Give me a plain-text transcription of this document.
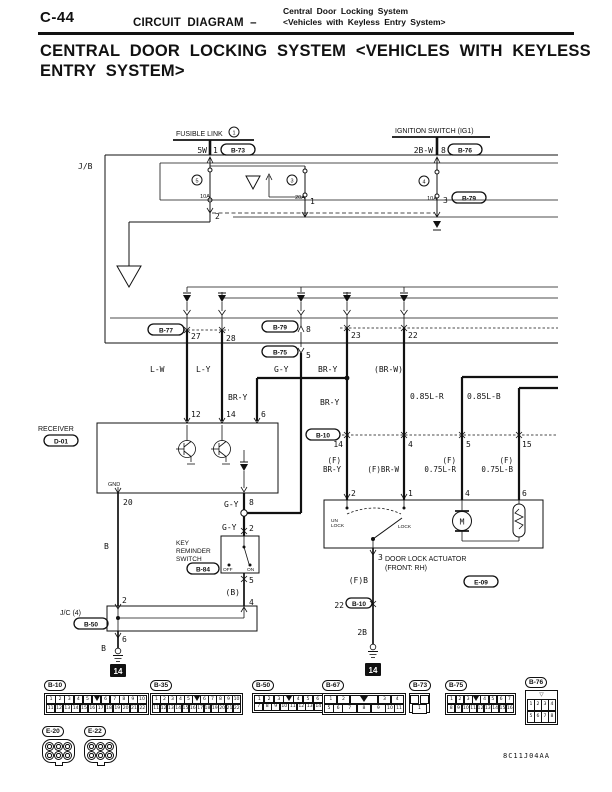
C-44	CIRCUIT DIAGRAM –
Central Door Locking System
<Vehicles with Keyless Entry System>
CENTRAL DOOR LOCKING SYSTEM <VEHICLES WITH KEYLESS
ENTRY SYSTEM>
FUSIBLE LINK 1
5W 1 B-73
IGNITION SWITCH (IG1)
2B-W 8 B-76
J/B
5
10A
2
3
20A 1
4
10A 3 B-79
B-77
27	28
B-79 8
B-75 5
23	22
L-W	L-Y	G-Y	BR-Y	(BR-W)
BR-Y
BR-Y
0.85L-R	0.85L-B
12	14	6
RECEIVER
D-01
GND
20	8
G-Y
G-Y 2
KEY
REMINDER
SWITCH
B-84	OFF	ON
5
(B)
4
B
2
J/C (4)
B-50
6
B
14
B-10
14	4	5	15
(F)
BR-Y	(F)BR-W
(F)
0.75L-R
(F)
0.75L-B
2	1	4	6
UN
LOCK	LOCK
M
3 DOOR LOCK ACTUATOR
(FRONT: RH)
E-09
(F)B
22 B-10
2B
14
B-10
1	2	3	4	5	6	7	8	9	10
11 12 13 14 15 16 17 18 19 20 21 22
B-35
1	2	3	4	5	6	7	8	9 10
11 12 13 14 15 16 17 18 19 20 21 22
B-50
1	2	3	4	5	6
7	8	9 10 11 12 13 14
B-67
1	2	3	4
5	6	7	8	9	10 11
B-73
1
B-75
1	2	3	4	5	6	7
8 9 10 11 12 13 14 15 16
B-76
▽ 1 2 3 4
5 6 7 8
E-20	E-22
8C11J04AA
